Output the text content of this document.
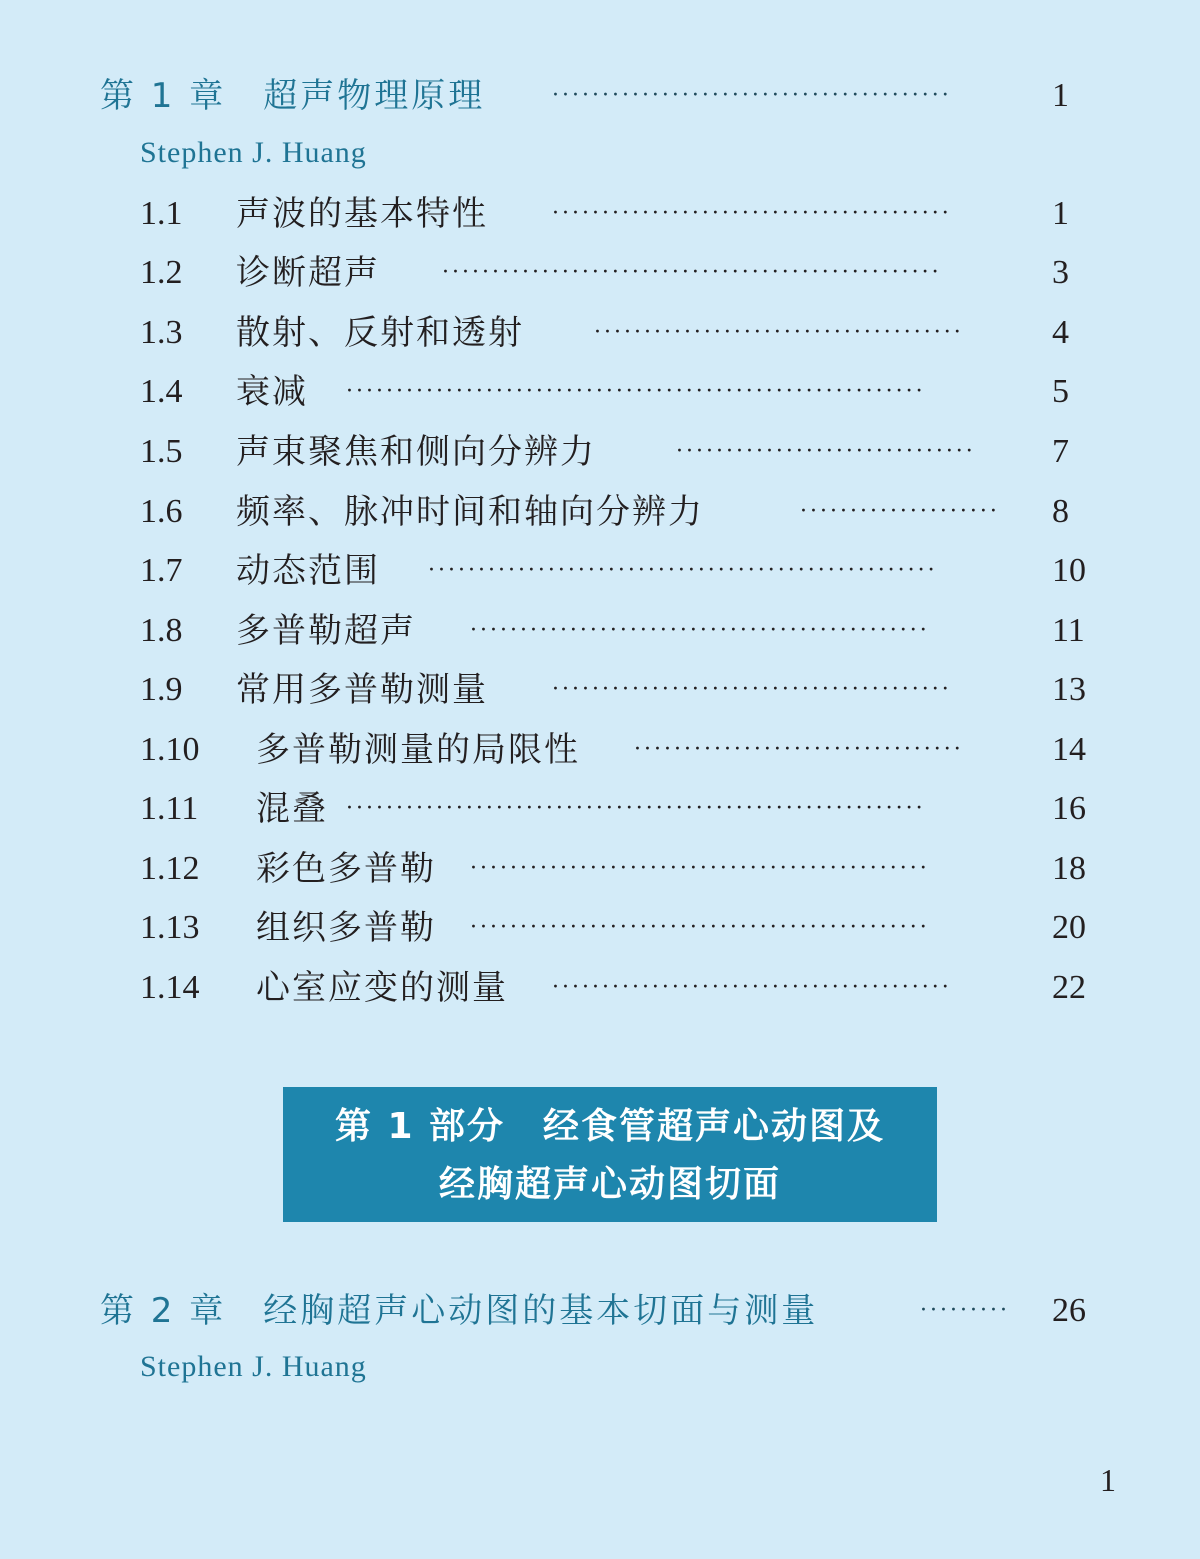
第 1 章　超声物理原理	········································	1
Stephen J. Huang
1.1 声波的基本特性	········································	1
1.2 诊断超声	··················································	3
1.3 散射、反射和透射	·····································	4
1.4 衰减 ··························································	5
1.5 声束聚焦和侧向分辨力	······························	7
1.6 频率、脉冲时间和轴向分辨力	····················	8
1.7 动态范围 ···················································	10
1.8 多普勒超声 ··············································	11
1.9 常用多普勒测量	········································	13
1.10 多普勒测量的局限性 ·································	14
1.11 混叠 ··························································	16
1.12 彩色多普勒 ··············································	18
1.13 组织多普勒 ··············································	20
1.14 心室应变的测量 ········································	22
第 1 部分　经食管超声心动图及
经胸超声心动图切面
第 2 章　经胸超声心动图的基本切面与测量	·········	26
Stephen J. Huang
1
